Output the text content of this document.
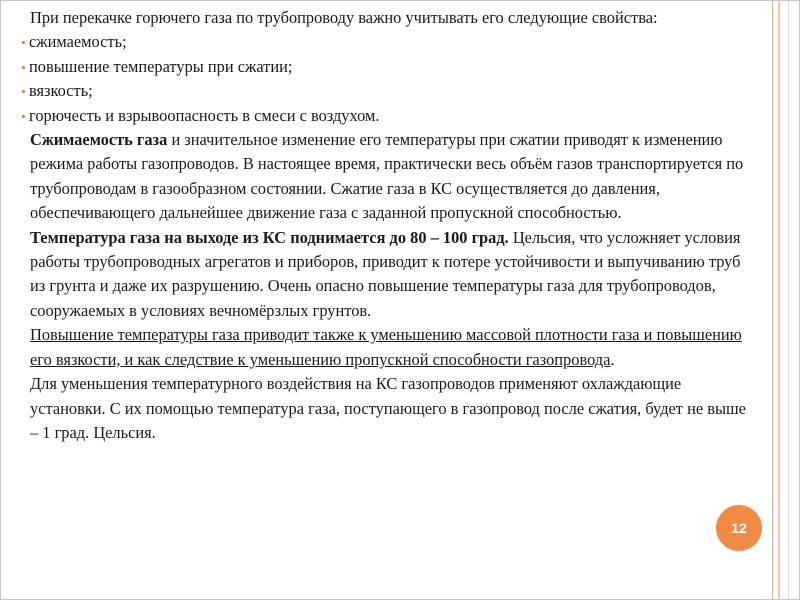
При перекачке горючего газа по трубопроводу важно учитывать его следующие свойства:

сжимаемость;
повышение температуры при сжатии;
вязкость;
горючесть и взрывоопасность в смеси с воздухом.

Сжимаемость газа и значительное изменение его температуры при сжатии приводят к изменению режима работы газопроводов. В настоящее время, практически весь объём газов транспортируется по трубопроводам в газообразном состоянии. Сжатие газа в КС осуществляется до давления, обеспечивающего дальнейшее движение газа с заданной пропускной способностью.

Температура газа на выходе из КС поднимается до 80 – 100 град. Цельсия, что усложняет условия работы трубопроводных агрегатов и приборов, приводит к потере устойчивости и выпучиванию труб из грунта и даже их разрушению. Очень опасно повышение температуры газа для трубопроводов, сооружаемых в условиях вечномёрзлых грунтов.

Повышение температуры газа приводит также к уменьшению массовой плотности газа и повышению его вязкости, и как следствие к уменьшению пропускной способности газопровода.

Для уменьшения температурного воздействия на КС газопроводов применяют охлаждающие установки. С их помощью температура газа, поступающего в газопровод после сжатия, будет не выше – 1 град. Цельсия.

12
